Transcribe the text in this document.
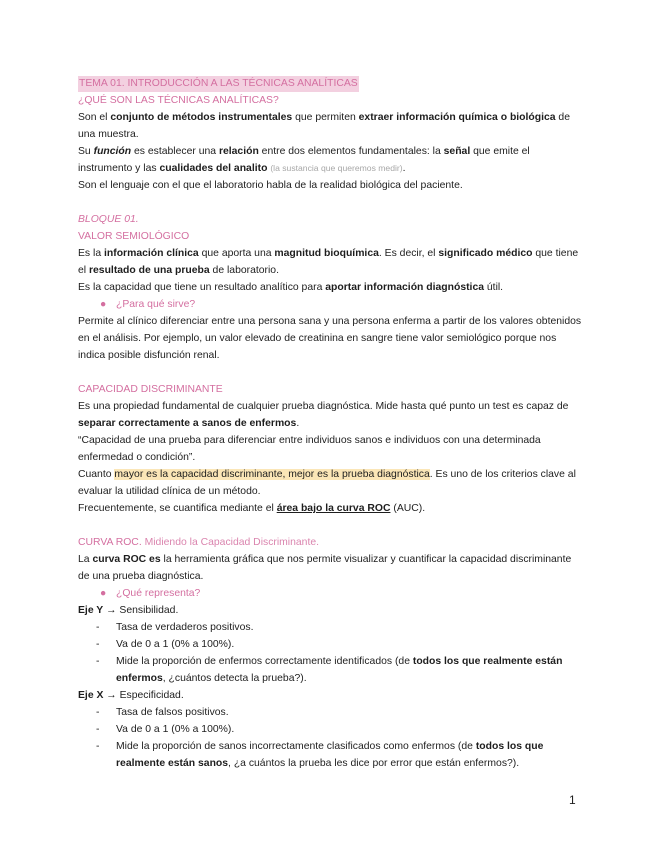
TEMA 01. INTRODUCCIÓN A LAS TÉCNICAS ANALÍTICAS

¿QUÉ SON LAS TÉCNICAS ANALÍTICAS?

Son el conjunto de métodos instrumentales que permiten extraer información química o biológica de una muestra.

Su función es establecer una relación entre dos elementos fundamentales: la señal que emite el instrumento y las cualidades del analito (la sustancia que queremos medir).

Son el lenguaje con el que el laboratorio habla de la realidad biológica del paciente.

BLOQUE 01.

VALOR SEMIOLÓGICO

Es la información clínica que aporta una magnitud bioquímica. Es decir, el significado médico que tiene el resultado de una prueba de laboratorio.

Es la capacidad que tiene un resultado analítico para aportar información diagnóstica útil.

● ¿Para qué sirve?

Permite al clínico diferenciar entre una persona sana y una persona enferma a partir de los valores obtenidos en el análisis. Por ejemplo, un valor elevado de creatinina en sangre tiene valor semiológico porque nos indica posible disfunción renal.

CAPACIDAD DISCRIMINANTE

Es una propiedad fundamental de cualquier prueba diagnóstica. Mide hasta qué punto un test es capaz de separar correctamente a sanos de enfermos.

“Capacidad de una prueba para diferenciar entre individuos sanos e individuos con una determinada enfermedad o condición”.

Cuanto mayor es la capacidad discriminante, mejor es la prueba diagnóstica. Es uno de los criterios clave al evaluar la utilidad clínica de un método.

Frecuentemente, se cuantifica mediante el área bajo la curva ROC (AUC).

CURVA ROC. Midiendo la Capacidad Discriminante.

La curva ROC es la herramienta gráfica que nos permite visualizar y cuantificar la capacidad discriminante de una prueba diagnóstica.

● ¿Qué representa?

Eje Y → Sensibilidad.

- Tasa de verdaderos positivos.

- Va de 0 a 1 (0% a 100%).

- Mide la proporción de enfermos correctamente identificados (de todos los que realmente están enfermos, ¿cuántos detecta la prueba?).

Eje X → Especificidad.

- Tasa de falsos positivos.

- Va de 0 a 1 (0% a 100%).

- Mide la proporción de sanos incorrectamente clasificados como enfermos (de todos los que realmente están sanos, ¿a cuántos la prueba les dice por error que están enfermos?).

1
